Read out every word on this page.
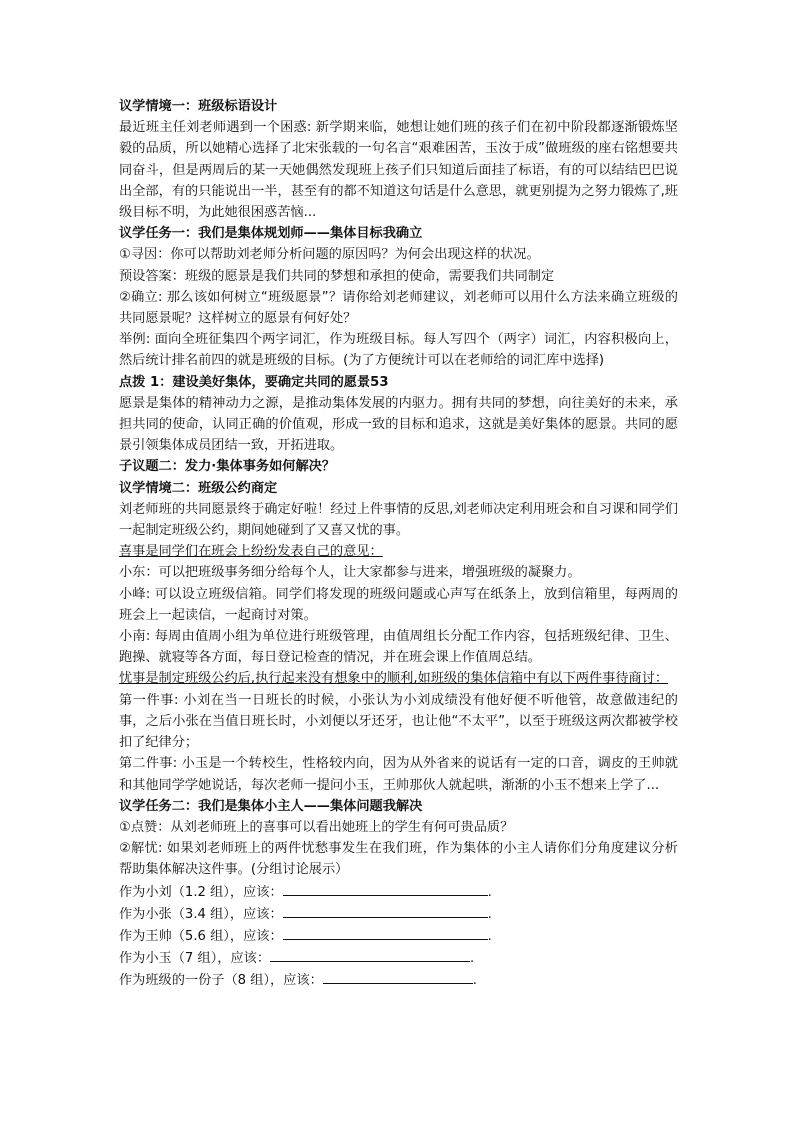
议学情境一：班级标语设计

最近班主任刘老师遇到一个困惑: 新学期来临，她想让她们班的孩子们在初中阶段都逐渐锻炼坚毅的品质，所以她精心选择了北宋张载的一句名言“艰难困苦，玉汝于成”做班级的座右铭想要共同奋斗，但是两周后的某一天她偶然发现班上孩子们只知道后面挂了标语，有的可以结结巴巴说出全部，有的只能说出一半，甚至有的都不知道这句话是什么意思，就更别提为之努力锻炼了,班级目标不明，为此她很困惑苦恼...

议学任务一：我们是集体规划师——集体目标我确立

①寻因：你可以帮助刘老师分析问题的原因吗？为何会出现这样的状况。

预设答案：班级的愿景是我们共同的梦想和承担的使命，需要我们共同制定

②确立: 那么该如何树立“班级愿景”？请你给刘老师建议，刘老师可以用什么方法来确立班级的共同愿景呢？这样树立的愿景有何好处？

举例: 面向全班征集四个两字词汇，作为班级目标。每人写四个（两字）词汇，内容积极向上，然后统计排名前四的就是班级的目标。(为了方便统计可以在老师给的词汇库中选择)

点拨 1：建设美好集体，要确定共同的愿景53

愿景是集体的精神动力之源，是推动集体发展的内驱力。拥有共同的梦想，向往美好的未来，承担共同的使命，认同正确的价值观，形成一致的目标和追求，这就是美好集体的愿景。共同的愿景引领集体成员团结一致，开拓进取。

子议题二：发力·集体事务如何解决？

议学情境二：班级公约商定

刘老师班的共同愿景终于确定好啦！经过上件事情的反思,刘老师决定利用班会和自习课和同学们一起制定班级公约，期间她碰到了又喜又忧的事。

喜事是同学们在班会上纷纷发表自己的意见：

小东：可以把班级事务细分给每个人，让大家都参与进来，增强班级的凝聚力。

小峰: 可以设立班级信箱。同学们将发现的班级问题或心声写在纸条上，放到信箱里，每两周的班会上一起读信，一起商讨对策。

小南: 每周由值周小组为单位进行班级管理，由值周组长分配工作内容，包括班级纪律、卫生、跑操、就寝等各方面，每日登记检查的情况，并在班会课上作值周总结。

忧事是制定班级公约后,执行起来没有想象中的顺利,如班级的集体信箱中有以下两件事待商讨：

第一件事: 小刘在当一日班长的时候，小张认为小刘成绩没有他好便不听他管，故意做违纪的事，之后小张在当值日班长时，小刘便以牙还牙，也让他“不太平”，以至于班级这两次都被学校扣了纪律分；

第二件事: 小玉是一个转校生，性格较内向，因为从外省来的说话有一定的口音，调皮的王帅就和其他同学学她说话，每次老师一提问小玉，王帅那伙人就起哄，渐渐的小玉不想来上学了...

议学任务二：我们是集体小主人——集体问题我解决

①点赞：从刘老师班上的喜事可以看出她班上的学生有何可贵品质？

②解忧: 如果刘老师班上的两件忧愁事发生在我们班，作为集体的小主人请你们分角度建议分析帮助集体解决这件事。(分组讨论展示）

作为小刘（1.2 组），应该：	.

作为小张（3.4 组），应该：	.

作为王帅（5.6 组），应该：	.

作为小玉（7 组），应该：	.

作为班级的一份子（8 组），应该：	.
